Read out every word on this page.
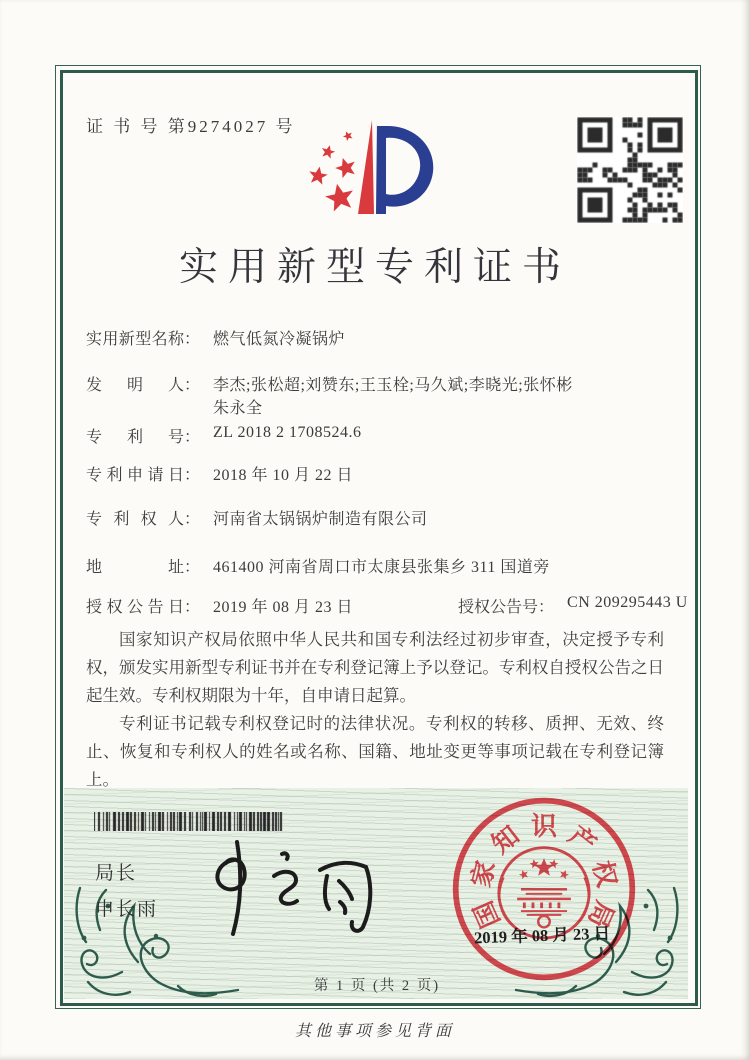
证 书 号 第9274027 号
实用新型专利证书
实用新型名称： 燃气低氮冷凝锅炉
发明人： 李杰;张松超;刘赞东;王玉栓;马久斌;李晓光;张怀彬
朱永全
专利号： ZL 2018 2 1708524.6
专利申请日： 2018 年 10 月 22 日
专利权人： 河南省太锅锅炉制造有限公司
地址： 461400 河南省周口市太康县张集乡 311 国道旁
授权公告日： 2019 年 08 月 23 日	授权公告号： CN 209295443 U

国家知识产权局依照中华人民共和国专利法经过初步审查，决定授予专利权，颁发实用新型专利证书并在专利登记簿上予以登记。专利权自授权公告之日起生效。专利权期限为十年，自申请日起算。

专利证书记载专利权登记时的法律状况。专利权的转移、质押、无效、终止、恢复和专利权人的姓名或名称、国籍、地址变更等事项记载在专利登记簿上。

局长
申长雨	国
家
知 识 产
权
局
2019 年 08 月 23 日
第 1 页 (共 2 页)
其他事项参见背面
